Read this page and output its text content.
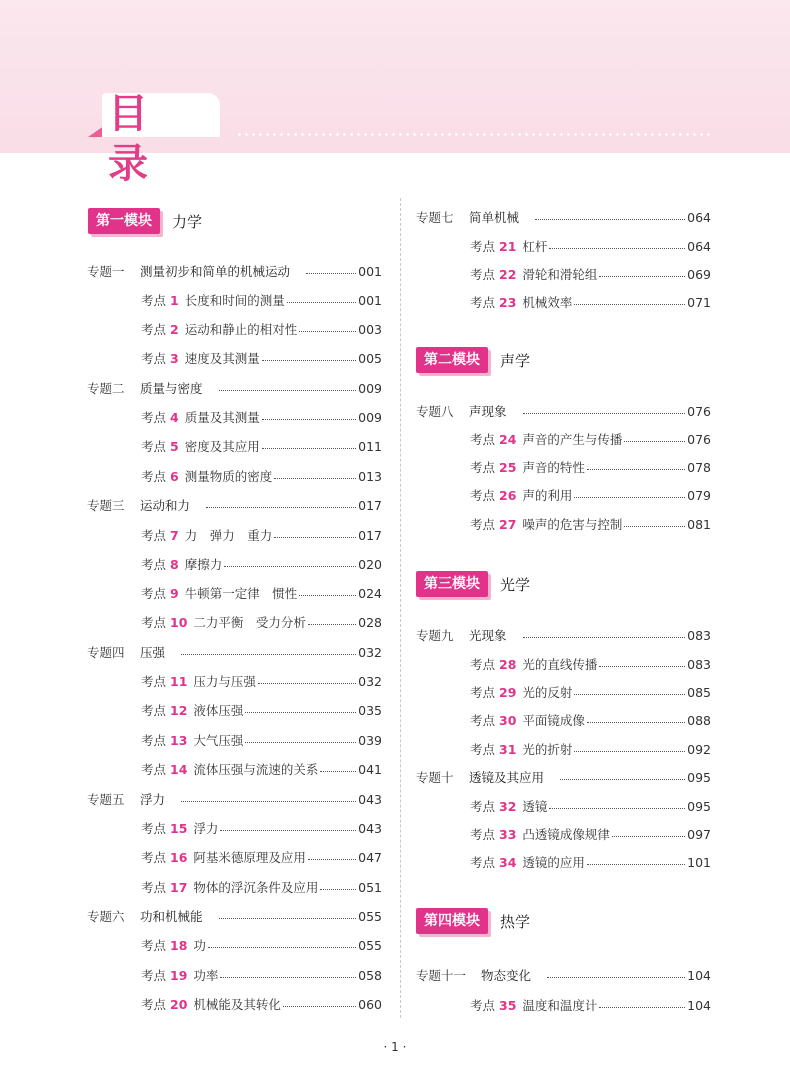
目 录
第一模块	力学
专题一	测量初步和简单的机械运动	001
考点 1 长度和时间的测量	001
考点 2 运动和静止的相对性	003
考点 3 速度及其测量	005
专题二	质量与密度	009
考点 4 质量及其测量	009
考点 5 密度及其应用	011
考点 6 测量物质的密度	013
专题三	运动和力	017
考点 7 力　弹力　重力	017
考点 8 摩擦力	020
考点 9 牛顿第一定律　惯性	024
考点 10 二力平衡　受力分析	028
专题四	压强	032
考点 11 压力与压强	032
考点 12 液体压强	035
考点 13 大气压强	039
考点 14 流体压强与流速的关系	041
专题五	浮力	043
考点 15 浮力	043
考点 16 阿基米德原理及应用	047
考点 17 物体的浮沉条件及应用	051
专题六	功和机械能	055
考点 18 功	055
考点 19 功率	058
考点 20 机械能及其转化	060
专题七	简单机械	064
考点 21 杠杆	064
考点 22 滑轮和滑轮组	069
考点 23 机械效率	071
专题八	声现象	076
考点 24 声音的产生与传播	076
考点 25 声音的特性	078
考点 26 声的利用	079
考点 27 噪声的危害与控制	081
专题九	光现象	083
考点 28 光的直线传播	083
考点 29 光的反射	085
考点 30 平面镜成像	088
考点 31 光的折射	092
专题十	透镜及其应用	095
考点 32 透镜	095
考点 33 凸透镜成像规律	097
考点 34 透镜的应用	101
专题十一	物态变化	104
考点 35 温度和温度计	104
第二模块	声学
第三模块	光学
第四模块	热学
· 1 ·
